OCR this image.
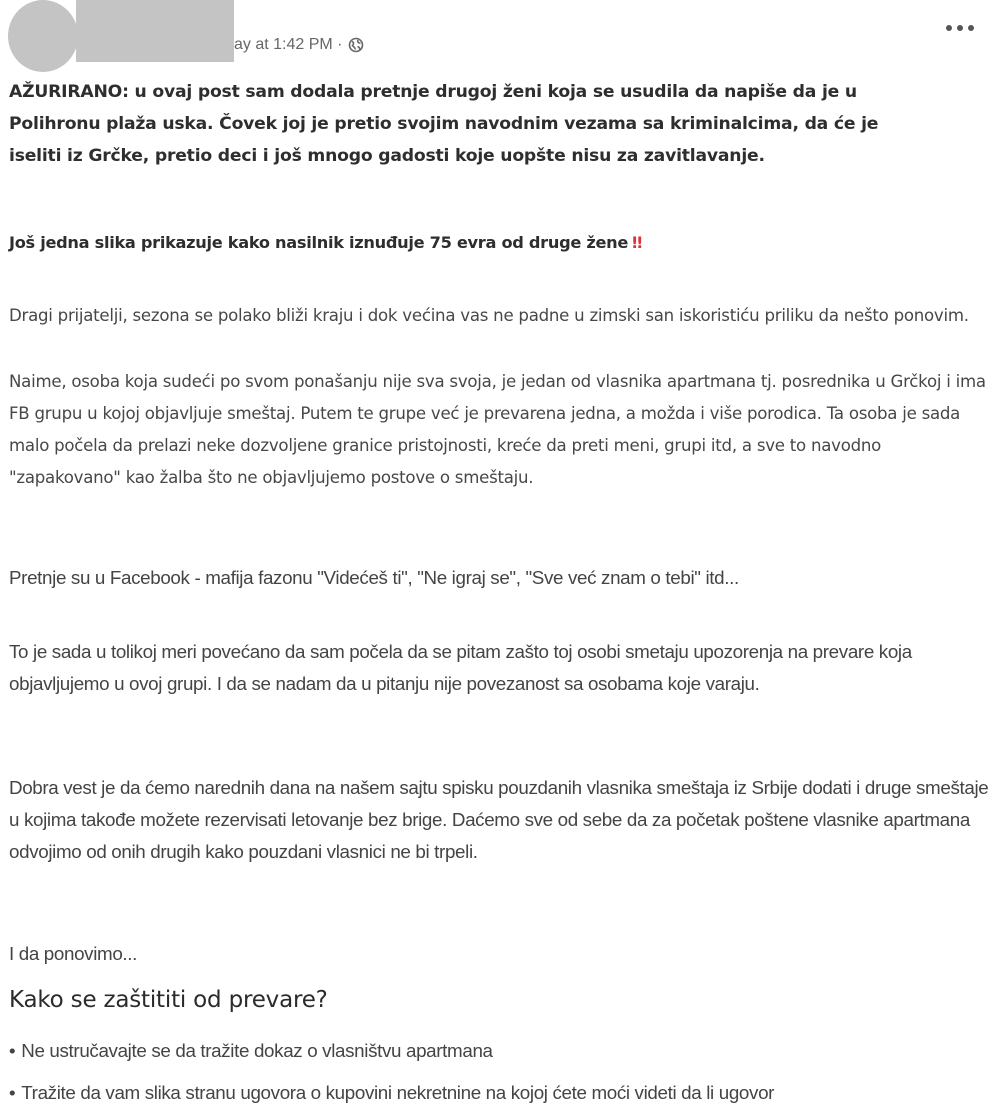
ay at 1:42 PM ·

AŽURIRANO: u ovaj post sam dodala pretnje drugoj ženi koja se usudila da napiše da je u
Polihronu plaža uska. Čovek joj je pretio svojim navodnim vezama sa kriminalcima, da će je
iseliti iz Grčke, pretio deci i još mnogo gadosti koje uopšte nisu za zavitlavanje.

Još jedna slika prikazuje kako nasilnik iznuđuje 75 evra od druge žene ‼

Dragi prijatelji, sezona se polako bliži kraju i dok većina vas ne padne u zimski san iskoristiću priliku da nešto ponovim.

Naime, osoba koja sudeći po svom ponašanju nije sva svoja, je jedan od vlasnika apartmana tj. posrednika u Grčkoj i ima FB grupu u kojoj objavljuje smeštaj. Putem te grupe već je prevarena jedna, a možda i više porodica. Ta osoba je sada malo počela da prelazi neke dozvoljene granice pristojnosti, kreće da preti meni, grupi itd, a sve to navodno "zapakovano" kao žalba što ne objavljujemo postove o smeštaju.

Pretnje su u Facebook - mafija fazonu "Videćeš ti", "Ne igraj se", "Sve već znam o tebi" itd...

To je sada u tolikoj meri povećano da sam počela da se pitam zašto toj osobi smetaju upozorenja na prevare koja objavljujemo u ovoj grupi. I da se nadam da u pitanju nije povezanost sa osobama koje varaju.

Dobra vest je da ćemo narednih dana na našem sajtu spisku pouzdanih vlasnika smeštaja iz Srbije dodati i druge smeštaje u kojima takođe možete rezervisati letovanje bez brige. Daćemo sve od sebe da za početak poštene vlasnike apartmana odvojimo od onih drugih kako pouzdani vlasnici ne bi trpeli.

I da ponovimo...

Kako se zaštititi od prevare?
• Ne ustručavajte se da tražite dokaz o vlasništvu apartmana
• Tražite da vam slika stranu ugovora o kupovini nekretnine na kojoj ćete moći videti da li ugovor
